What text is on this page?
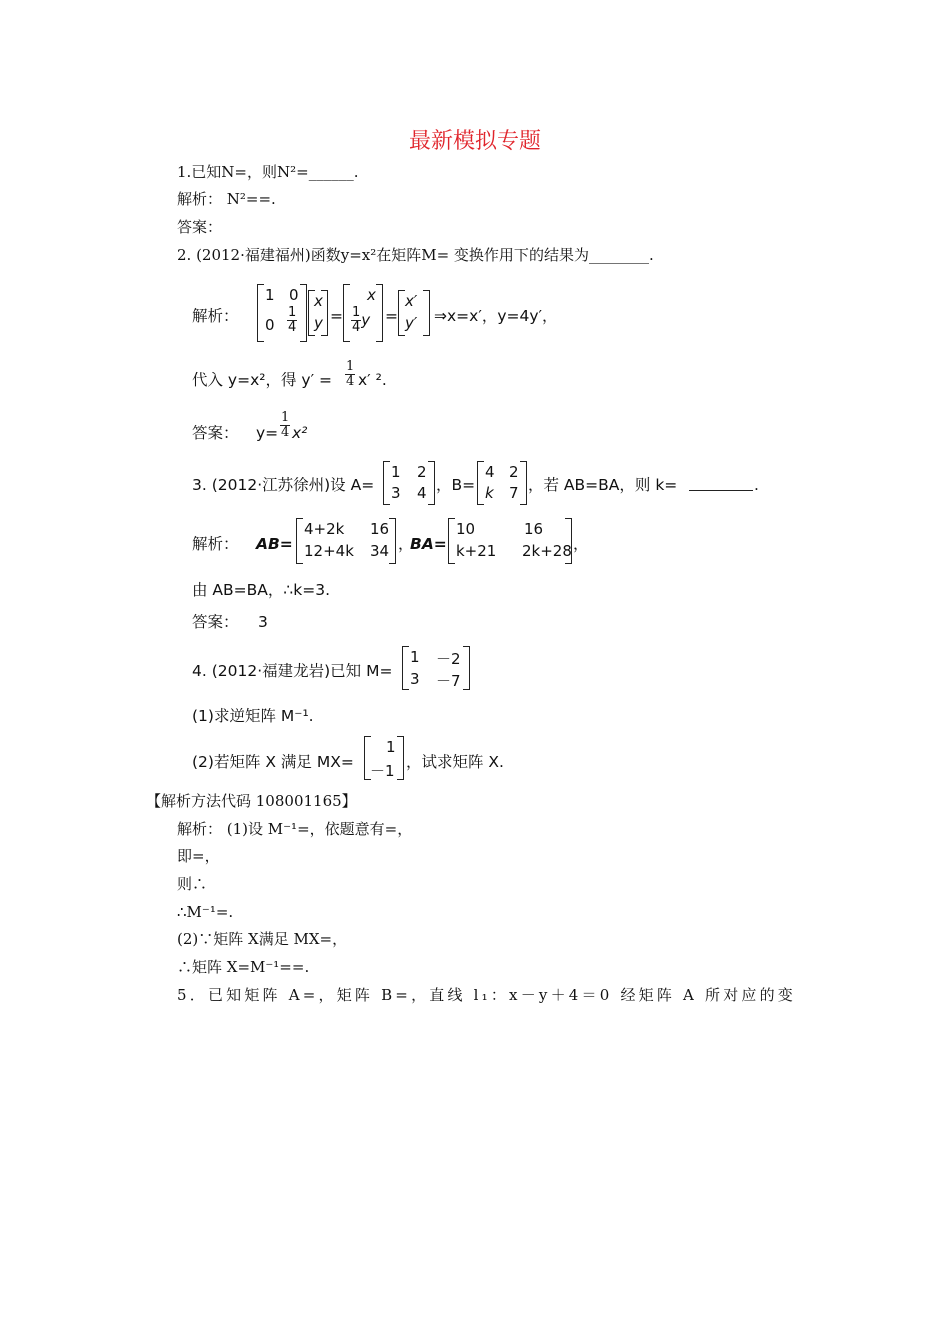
最新模拟专题
1.已知N=，则N²=______.
解析： N²==.
答案：
2. (2012·福建福州)函数y=x²在矩阵M= 变换作用下的结果为________.
解析：
1 0
$0 \frac{1}{4}$
x
y =
x
$\frac{1}{4}$ y =
x′
y′ ⇒x=x′，y=4y′，
代入 y=x²，得 $y' = \frac{1}{4} x'$ ².
答案： $y= \frac{1}{4} x^2$
3. (2012·江苏徐州)设 A=
1 2
3 4 ，B=
4 2
k 7 ，若 AB=BA，则 k=	.
解析： AB=
4+2k 16
12+4k 34 ，
BA=
10	16
k+21 2k+28 ，
由 AB=BA，∴k=3.
答案： 3
4. (2012·福建龙岩)已知 M=
1 －2
3 －7
(1)求逆矩阵 M⁻¹.
(2)若矩阵 X 满足 MX=
1
－1 ，试求矩阵 X.
【解析方法代码 108001165】
解析： (1)设 M⁻¹=，依题意有=，
即=，
则∴
∴M⁻¹=.
(2)∵矩阵 X满足 MX=，
∴矩阵 X=M⁻¹==.
5．已知矩阵 A=，矩阵 B=，直线 l₁：x－y＋4＝0 经矩阵 A 所对应的变
